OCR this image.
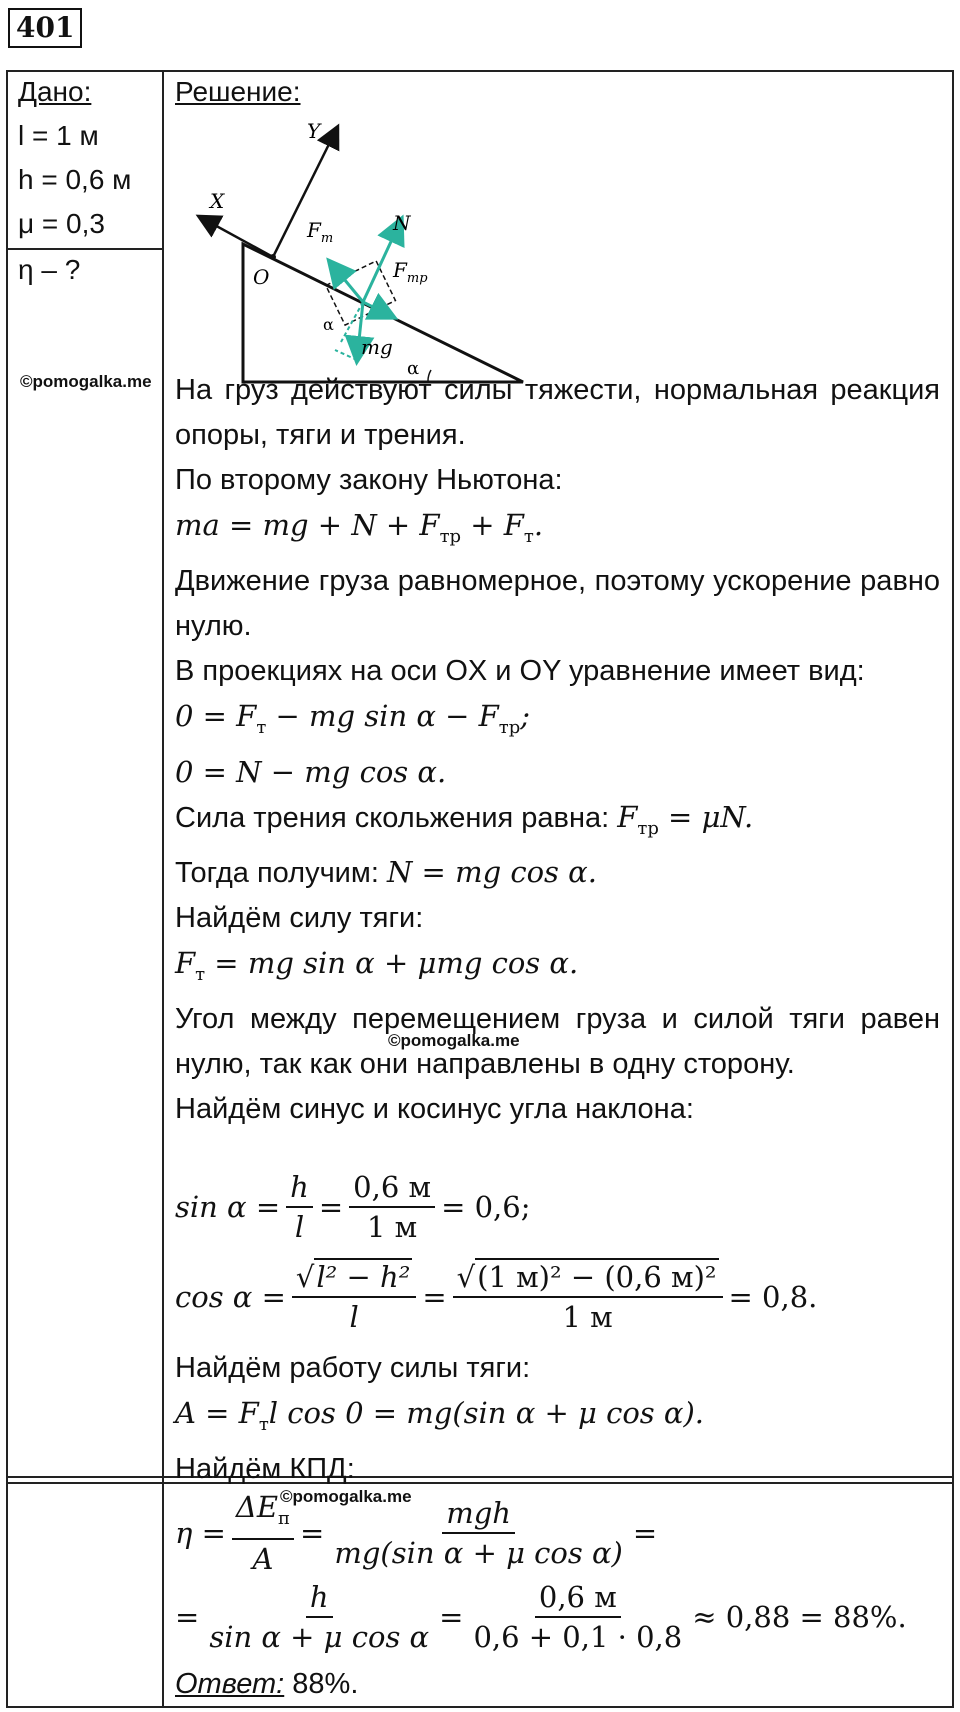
401
Дано:
l = 1 м
h = 0,6 м
μ = 0,3
η – ?
©pomogalka.me
Решение:
Y
X
O
$F_т$
N
$F_{тр}$
mg
α
α

На груз действуют силы тяжести, нормальная реакция опоры, тяги и трения.

По второму закону Ньютона:

ma = mg + $N + F_{тр} + F_т$.

Движение груза равномерное, поэтому ускорение равно нулю.

В проекциях на оси OX и OY уравнение имеет вид:

$0 = F_т$ − mg $\sin \alpha - F_{тр}$;

0 = N − mg cos α.

Сила трения скольжения равна: $F_{тр} = \mu N$.

Тогда получим: N = mg cos α.

Найдём силу тяги:

$F_т$ = mg sin α + μmg cos α.

Угол между перемещением груза и силой тяги равен нулю, так как они направлены в одну сторону.

Найдём синус и косинус угла наклона:

©pomogalka.me
$\sin \alpha = \frac{h}{l} = \frac{0,6 м}{1 м} = 0,6$;
$\cos \alpha = \frac{\text{√l² − h²}}{l} = \frac{\text{√(1 м)² − (0,6 м)²}}{1 м} = 0,8$.

Найдём работу силы тяги:

$A = F_тl$ cos 0 = mg(sin α + μ cos α).

Найдём КПД:

$\eta = \frac{\Delta E_п}{A} = \frac{\text{mgh}}{\text{mg(sin α + μ cos α)}}$ =
©pomogalka.me
= $\frac{h}{\text{sin α + μ cos α}} = \frac{0,6 м}{0,6 + 0,1 \cdot 0,8} \approx 0,88 = 88\%$.
Ответ: 88%.
